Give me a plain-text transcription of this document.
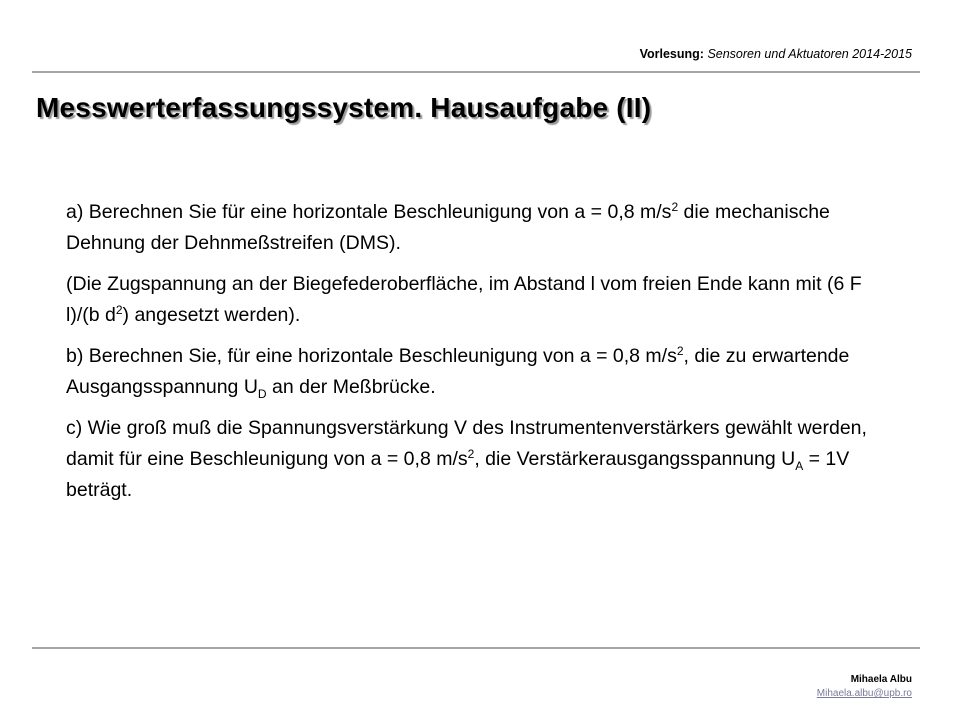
Vorlesung: Sensoren und Aktuatoren 2014-2015
Messwerterfassungssystem. Hausaufgabe (II)

a) Berechnen Sie für eine horizontale Beschleunigung von a = 0,8 $m/s^2$ die mechanische Dehnung der Dehnmeßstreifen (DMS).

(Die Zugspannung an der Biegefederoberfläche, im Abstand l vom freien Ende kann mit (6 F l)/(b $d^2$) angesetzt werden).

b) Berechnen Sie, für eine horizontale Beschleunigung von a = 0,8 $m/s^2$, die zu erwartende Ausgangsspannung $U_D$ an der Meßbrücke.

c) Wie groß muß die Spannungsverstärkung V des Instrumentenverstärkers gewählt werden, damit für eine Beschleunigung von a = 0,8 $m/s^2$, die Verstärkerausgangsspannung $U_A = 1V$ beträgt.

Mihaela Albu
Mihaela.albu@upb.ro
